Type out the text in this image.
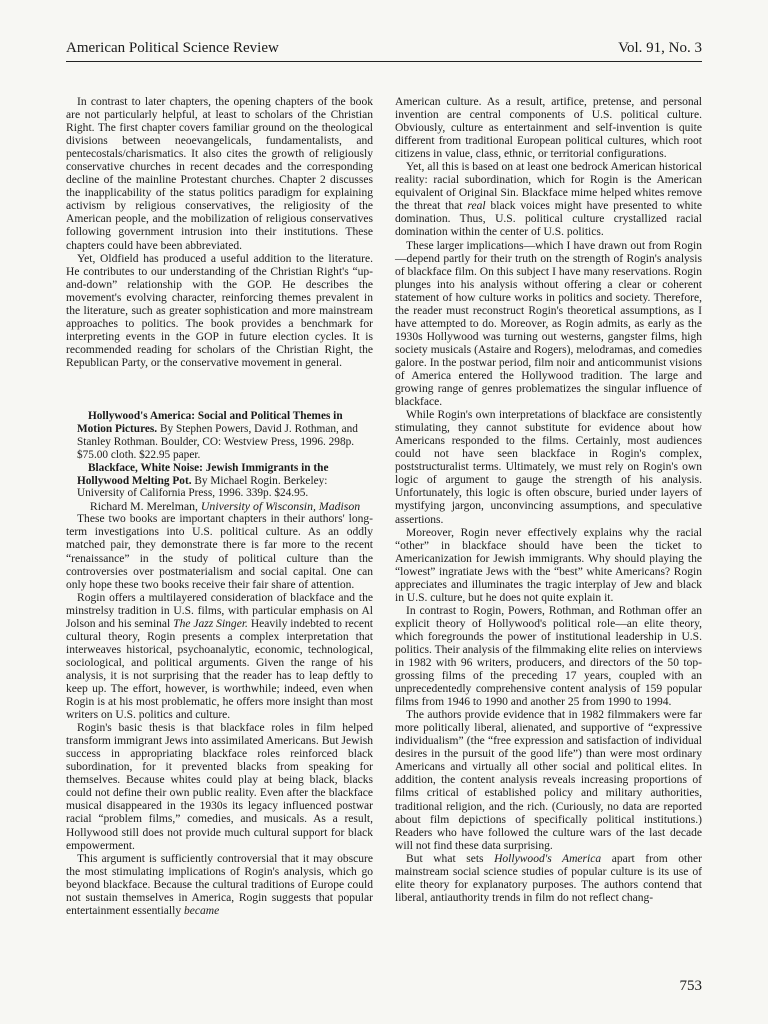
American Political Science Review	Vol. 91, No. 3

In contrast to later chapters, the opening chapters of the book are not particularly helpful, at least to scholars of the Christian Right. The first chapter covers familiar ground on the theological divisions between neoevangelicals, fundamentalists, and pentecostals/charismatics. It also cites the growth of religiously conservative churches in recent decades and the corresponding decline of the mainline Protestant churches. Chapter 2 discusses the inapplicability of the status politics paradigm for explaining activism by religious conservatives, the religiosity of the American people, and the mobilization of religious conservatives following government intrusion into their institutions. These chapters could have been abbreviated.

Yet, Oldfield has produced a useful addition to the literature. He contributes to our understanding of the Christian Right's “up-and-down” relationship with the GOP. He describes the movement's evolving character, reinforcing themes prevalent in the literature, such as greater sophistication and more mainstream approaches to politics. The book provides a benchmark for interpreting events in the GOP in future election cycles. It is recommended reading for scholars of the Christian Right, the Republican Party, or the conservative movement in general.

Hollywood's America: Social and Political Themes in Motion Pictures. By Stephen Powers, David J. Rothman, and Stanley Rothman. Boulder, CO: Westview Press, 1996. 298p. $75.00 cloth. $22.95 paper.

Blackface, White Noise: Jewish Immigrants in the Hollywood Melting Pot. By Michael Rogin. Berkeley: University of California Press, 1996. 339p. $24.95.

Richard M. Merelman, University of Wisconsin, Madison

These two books are important chapters in their authors' long-term investigations into U.S. political culture. As an oddly matched pair, they demonstrate there is far more to the recent “renaissance” in the study of political culture than the controversies over postmaterialism and social capital. One can only hope these two books receive their fair share of attention.

Rogin offers a multilayered consideration of blackface and the minstrelsy tradition in U.S. films, with particular emphasis on Al Jolson and his seminal The Jazz Singer. Heavily indebted to recent cultural theory, Rogin presents a complex interpretation that interweaves historical, psychoanalytic, economic, technological, sociological, and political arguments. Given the range of his analysis, it is not surprising that the reader has to leap deftly to keep up. The effort, however, is worthwhile; indeed, even when Rogin is at his most problematic, he offers more insight than most writers on U.S. politics and culture.

Rogin's basic thesis is that blackface roles in film helped transform immigrant Jews into assimilated Americans. But Jewish success in appropriating blackface roles reinforced black subordination, for it prevented blacks from speaking for themselves. Because whites could play at being black, blacks could not define their own public reality. Even after the blackface musical disappeared in the 1930s its legacy influenced postwar racial “problem films,” comedies, and musicals. As a result, Hollywood still does not provide much cultural support for black empowerment.

This argument is sufficiently controversial that it may obscure the most stimulating implications of Rogin's analysis, which go beyond blackface. Because the cultural traditions of Europe could not sustain themselves in America, Rogin suggests that popular entertainment essentially became

American culture. As a result, artifice, pretense, and personal invention are central components of U.S. political culture. Obviously, culture as entertainment and self-invention is quite different from traditional European political cultures, which root citizens in value, class, ethnic, or territorial configurations.

Yet, all this is based on at least one bedrock American historical reality: racial subordination, which for Rogin is the American equivalent of Original Sin. Blackface mime helped whites remove the threat that real black voices might have presented to white domination. Thus, U.S. political culture crystallized racial domination within the center of U.S. politics.

These larger implications—which I have drawn out from Rogin—depend partly for their truth on the strength of Rogin's analysis of blackface film. On this subject I have many reservations. Rogin plunges into his analysis without offering a clear or coherent statement of how culture works in politics and society. Therefore, the reader must reconstruct Rogin's theoretical assumptions, as I have attempted to do. Moreover, as Rogin admits, as early as the 1930s Hollywood was turning out westerns, gangster films, high society musicals (Astaire and Rogers), melodramas, and comedies galore. In the postwar period, film noir and anticommunist visions of America entered the Hollywood tradition. The large and growing range of genres problematizes the singular influence of blackface.

While Rogin's own interpretations of blackface are consistently stimulating, they cannot substitute for evidence about how Americans responded to the films. Certainly, most audiences could not have seen blackface in Rogin's complex, poststructuralist terms. Ultimately, we must rely on Rogin's own logic of argument to gauge the strength of his analysis. Unfortunately, this logic is often obscure, buried under layers of mystifying jargon, unconvincing assumptions, and speculative assertions.

Moreover, Rogin never effectively explains why the racial “other” in blackface should have been the ticket to Americanization for Jewish immigrants. Why should playing the “lowest” ingratiate Jews with the “best” white Americans? Rogin appreciates and illuminates the tragic interplay of Jew and black in U.S. culture, but he does not quite explain it.

In contrast to Rogin, Powers, Rothman, and Rothman offer an explicit theory of Hollywood's political role—an elite theory, which foregrounds the power of institutional leadership in U.S. politics. Their analysis of the filmmaking elite relies on interviews in 1982 with 96 writers, producers, and directors of the 50 top-grossing films of the preceding 17 years, coupled with an unprecedentedly comprehensive content analysis of 159 popular films from 1946 to 1990 and another 25 from 1990 to 1994.

The authors provide evidence that in 1982 filmmakers were far more politically liberal, alienated, and supportive of “expressive individualism” (the “free expression and satisfaction of individual desires in the pursuit of the good life”) than were most ordinary Americans and virtually all other social and political elites. In addition, the content analysis reveals increasing proportions of films critical of established policy and military authorities, traditional religion, and the rich. (Curiously, no data are reported about film depictions of specifically political institutions.) Readers who have followed the culture wars of the last decade will not find these data surprising.

But what sets Hollywood's America apart from other mainstream social science studies of popular culture is its use of elite theory for explanatory purposes. The authors contend that liberal, antiauthority trends in film do not reflect chang-

753
